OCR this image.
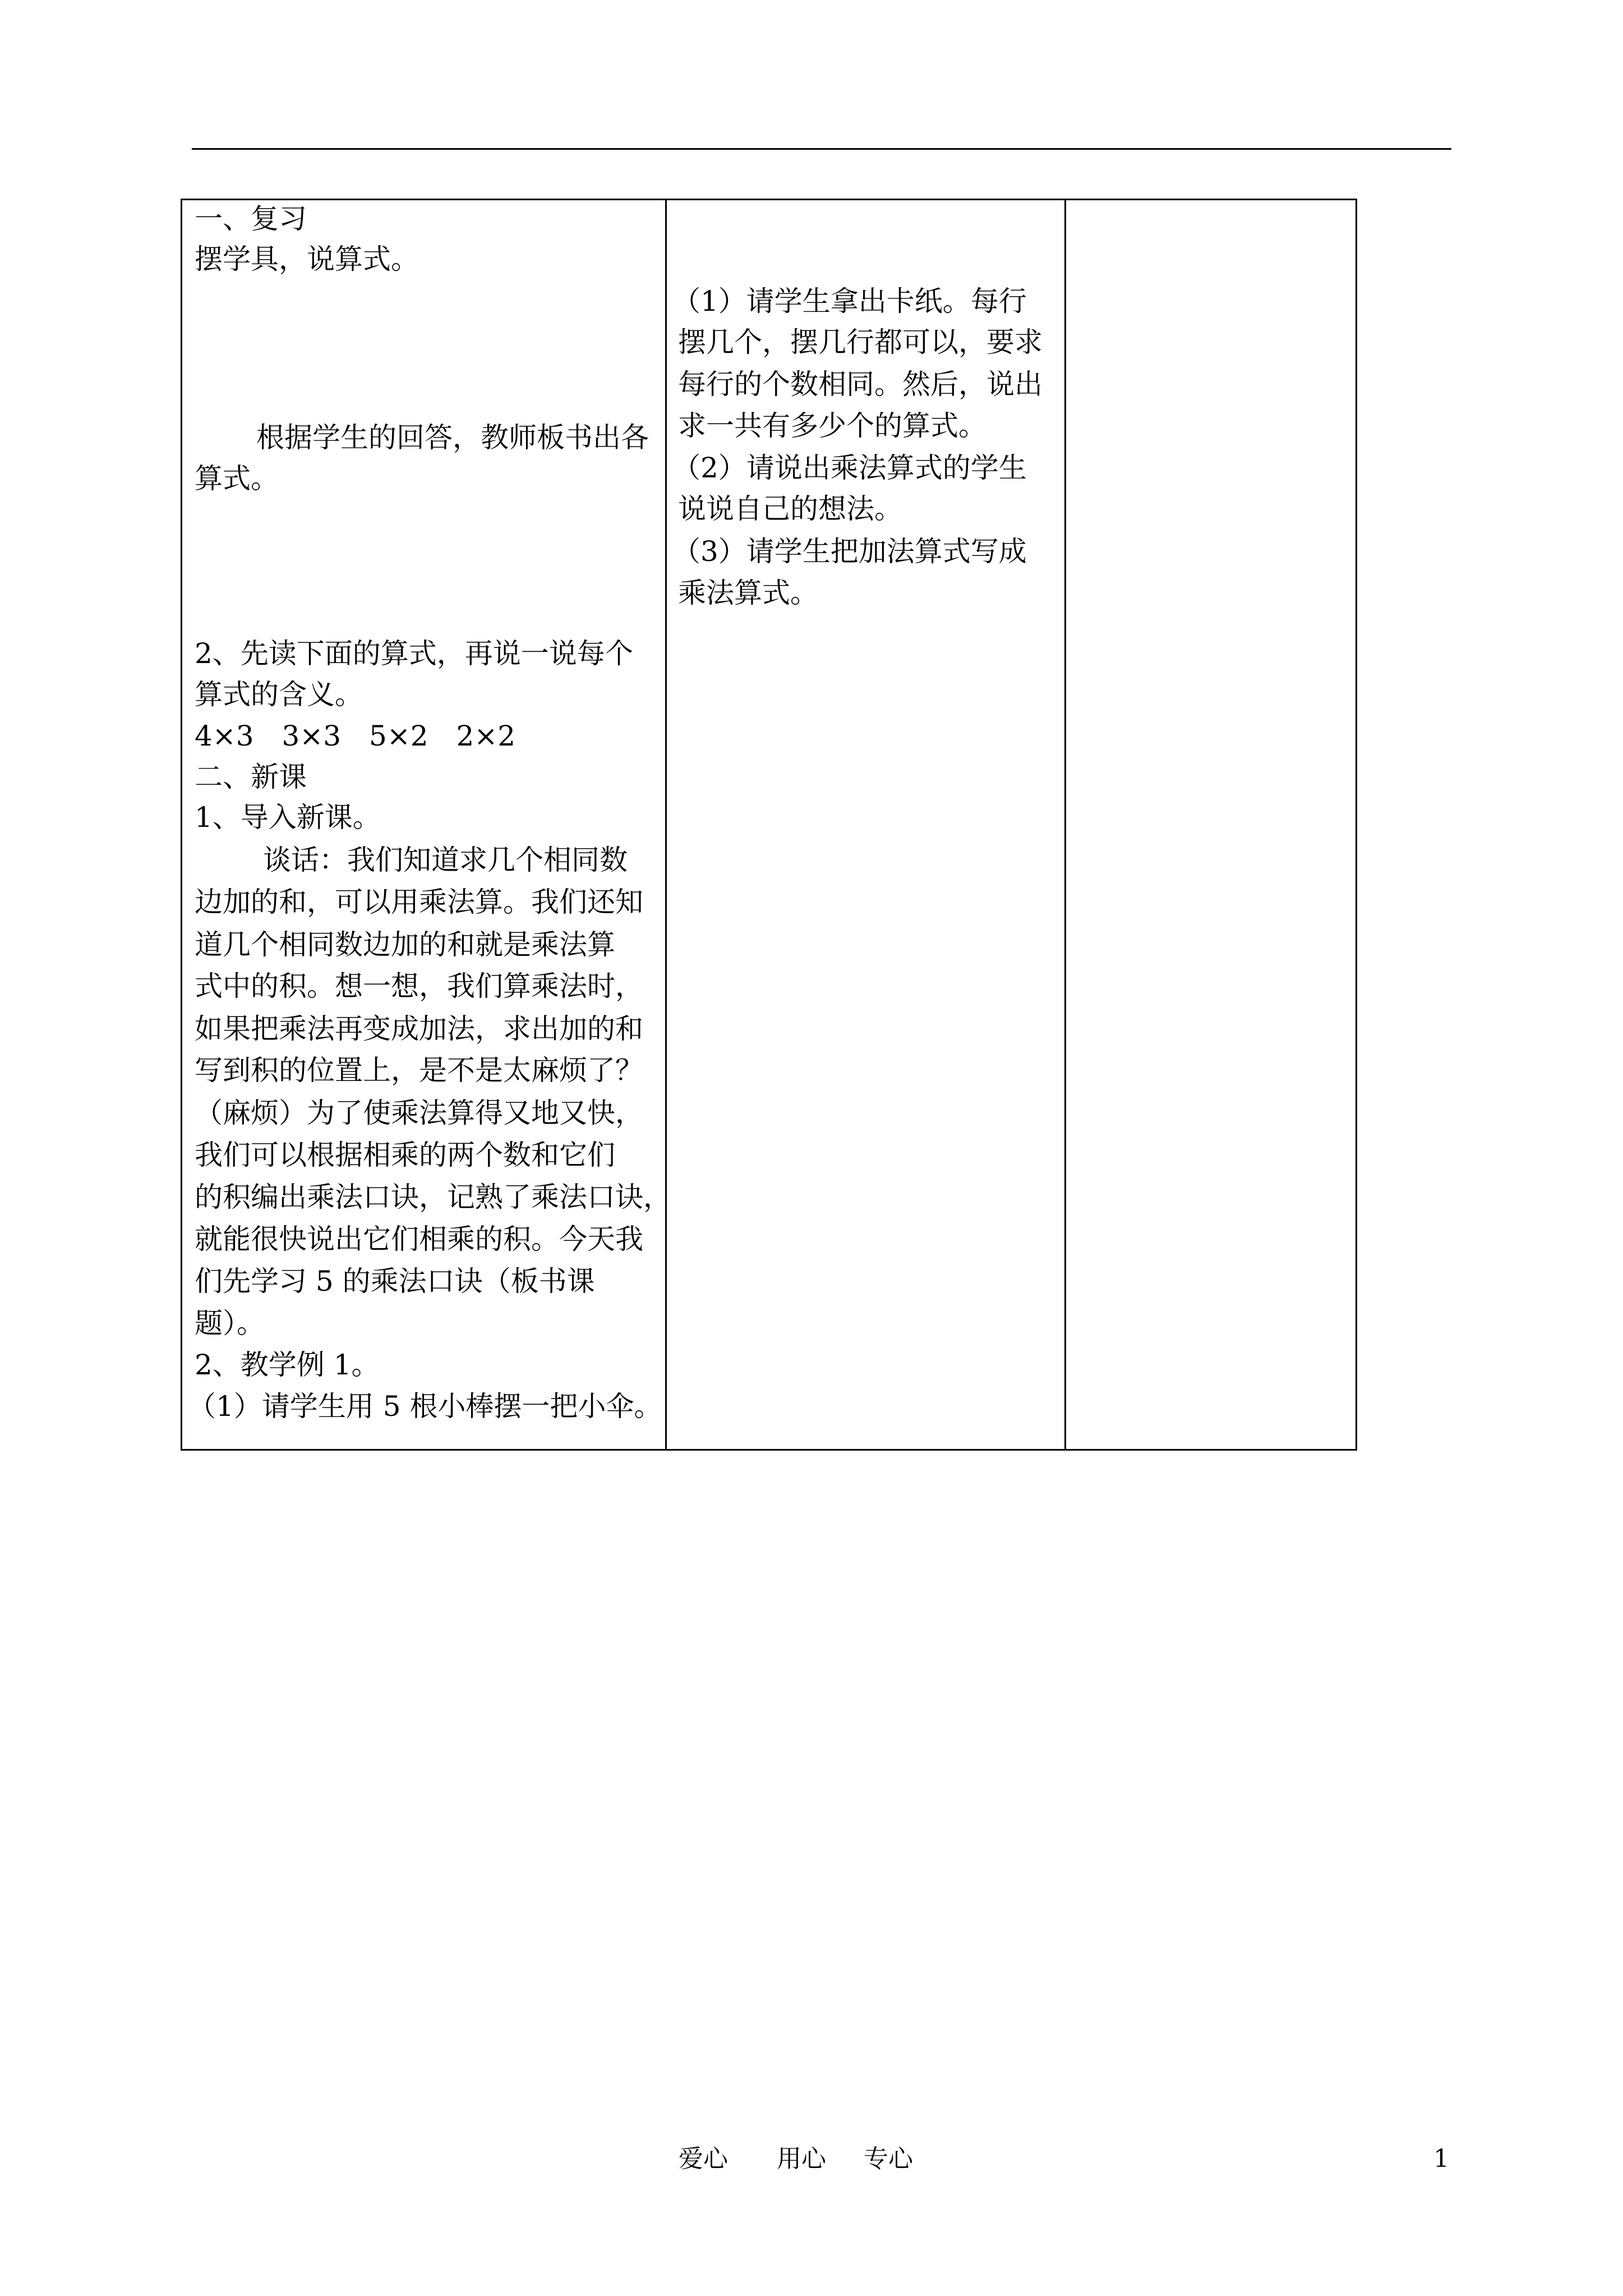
一、复习
摆学具，说算式。
根据学生的回答，教师板书出各
算式。
2、先读下面的算式，再说一说每个
算式的含义。
4×3　3×3　5×2　2×2
二、新课
1、导入新课。
谈话：我们知道求几个相同数
边加的和，可以用乘法算。我们还知
道几个相同数边加的和就是乘法算
式中的积。想一想，我们算乘法时，
如果把乘法再变成加法，求出加的和
写到积的位置上，是不是太麻烦了？
（麻烦）为了使乘法算得又地又快，
我们可以根据相乘的两个数和它们
的积编出乘法口诀，记熟了乘法口诀，
就能很快说出它们相乘的积。今天我
们先学习 5 的乘法口诀（板书课
题）。
2、教学例 1。
（1）请学生用 5 根小棒摆一把小伞。
（1）请学生拿出卡纸。每行
摆几个，摆几行都可以，要求
每行的个数相同。然后，说出
求一共有多少个的算式。
（2）请说出乘法算式的学生
说说自己的想法。
（3）请学生把加法算式写成
乘法算式。
爱心 用心 专心	1
